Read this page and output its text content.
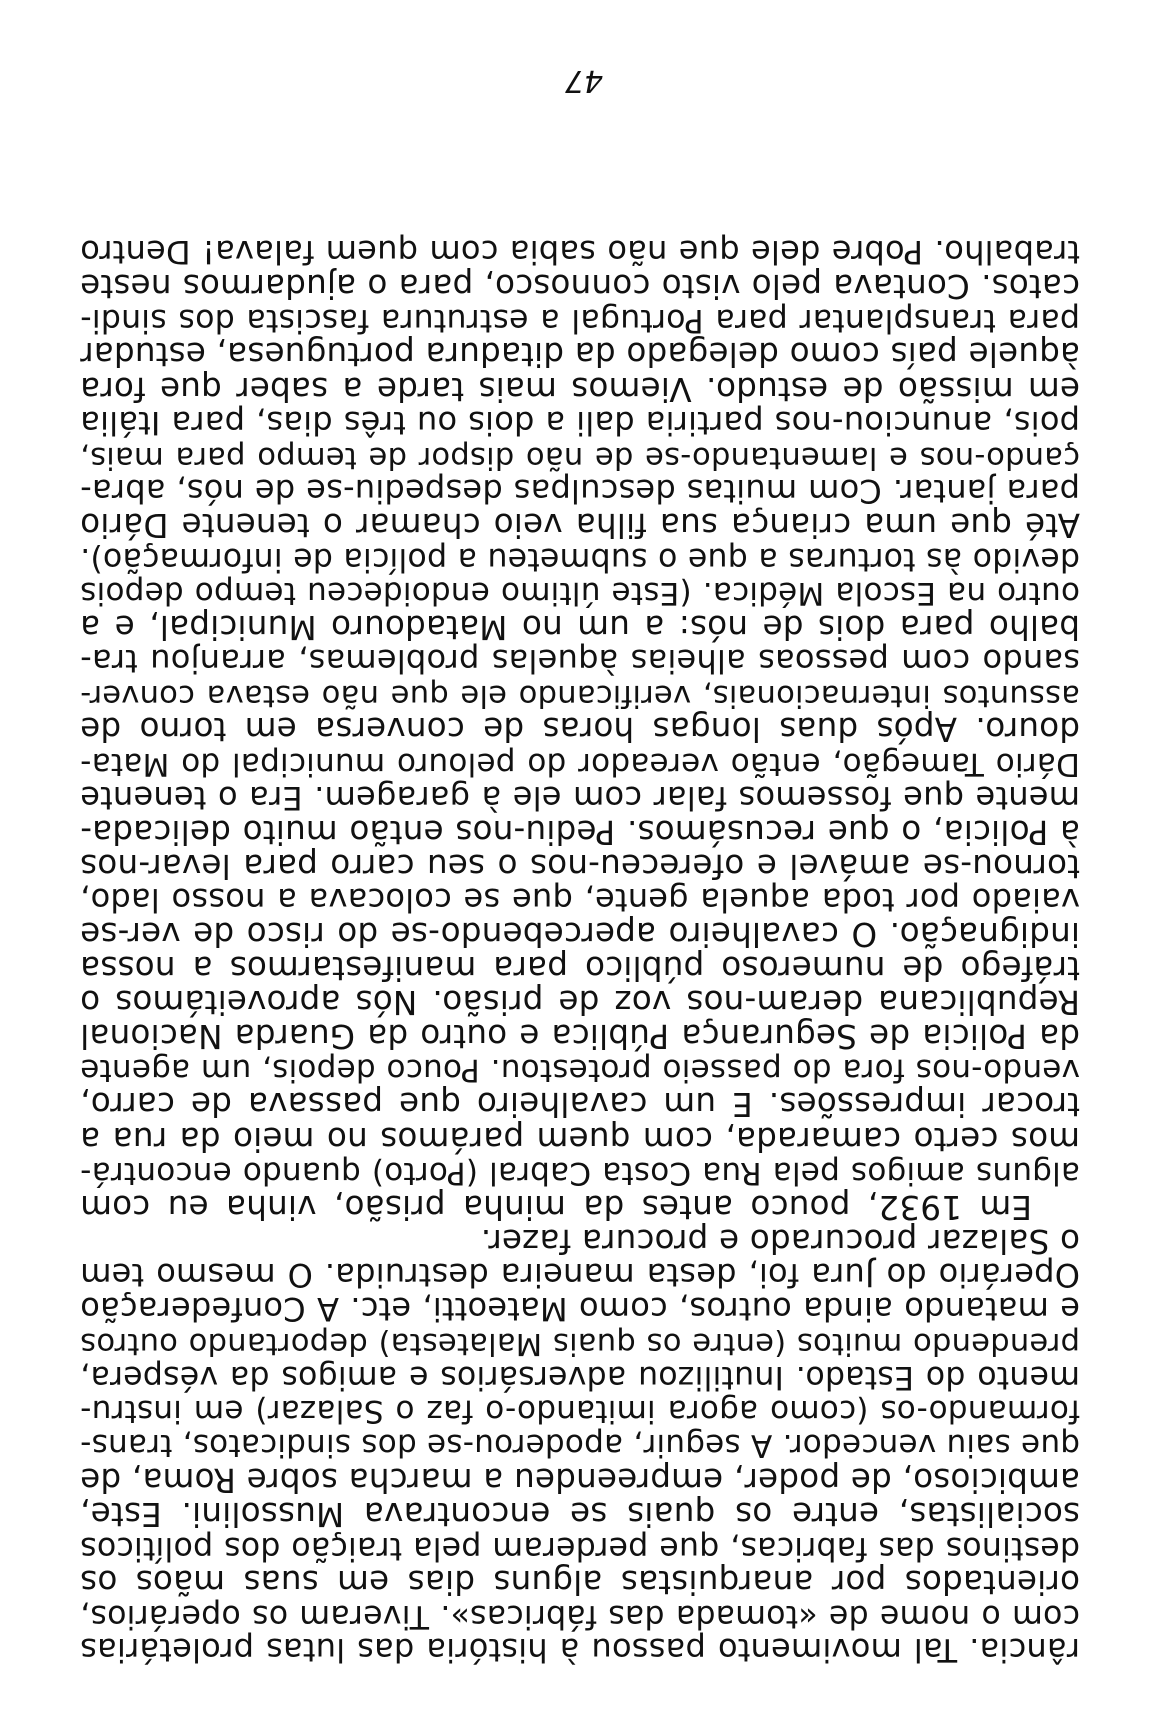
rância. Tal movimento passou à história das lutas proletárias
com o nome de «tomada das fábricas». Tiveram os operários,
orientados por anarquistas alguns dias em suas mãos os
destinos das fabricas, que perderam pela traição dos políticos
socialistas, entre os quais se encontrava Mussolini. Este,
ambicioso, de poder, empreendeu a marcha sobre Roma, de
que saiu vencedor. A seguir, apoderou-se dos sindicatos, trans-
formando-os (como agora imitando-o faz o Salazar) em instru-
mento do Estado. Inutilizou adversários e amigos da véspera,
prendendo muitos (entre os quais Malatesta) deportando outros
e matando ainda outros, como Mateotti, etc. A Confederação
Operário do Jura foi, desta maneira destruida. O mesmo tem
o Salazar procurado e procura fazer.
Em 1932, pouco antes da minha prisão, vinha eu com
alguns amigos pela Rua Costa Cabral (Porto) quando encontrá-
mos certo camarada, com quem parámos no meio da rua a
trocar impressões. E um cavalheiro que passava de carro,
vendo-nos fora do passeio protestou. Pouco depois, um agente
da Policia de Segurança Pública e outro da Guarda Nacional
Republicana deram-nos voz de prisão. Nós aproveitámos o
tráfego de numeroso público para manifestarmos a nossa
indignação. O cavalheiro apercebendo-se do risco de ver-se
vaiado por toda aquela gente, que se colocava a nosso lado,
tornou-se amável e ofereceu-nos o seu carro para levar-nos
à Policia, o que recusámos. Pediu-nos então muito delicada-
mente que fossemos falar com ele à garagem. Era o tenente
Dário Tamegão, então vereador do pelouro municipal do Mata-
douro. Após duas longas horas de conversa em torno de
assuntos internacionais, verificando ele que não estava conver-
sando com pessoas alheias àquelas problemas, arranjou tra-
balho para dois de nós: a um no Matadouro Municipal, e a
outro na Escola Médica. (Este último endoideceu tempo depois
devido às torturas a que o submeteu a polícia de informação).
Até que uma criança sua filha veio chamar o tenente Dário
para jantar. Com muitas desculpas despediu-se de nós, abra-
çando-nos e lamentando-se de não dispor de tempo para mais,
pois, anunciou-nos partiria dali a dois ou três dias, para Itália
em missão de estudo. Viemos mais tarde a saber que fora
àquele país como delegado da ditadura portuguesa, estudar
para transplantar para Portugal a estrutura fascista dos sindi-
catos. Contava pelo visto connosco, para o ajudarmos neste
trabalho. Pobre dele que não sabia com quem falava! Dentro
47
